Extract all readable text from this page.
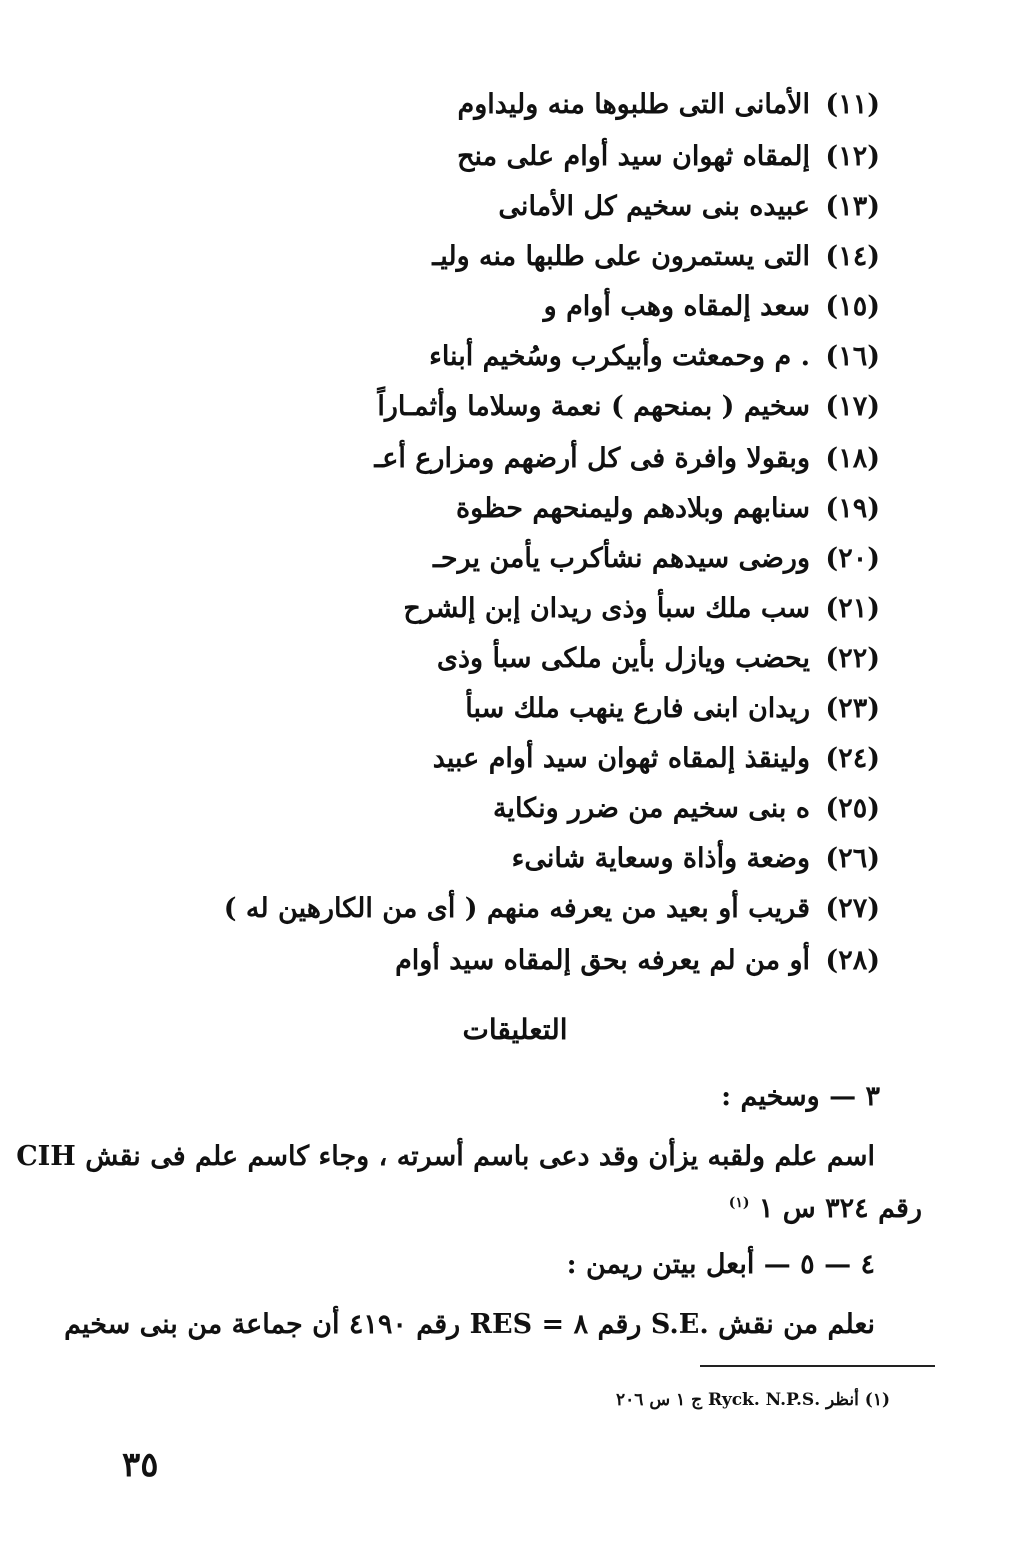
(١١)الأمانى التى طلبوها منه وليداوم
(١٢)إلمقاه ثهوان سيد أوام على منح
(١٣)عبيده بنى سخيم كل الأمانى
(١٤)التى يستمرون على طلبها منه وليـ
(١٥)سعد إلمقاه وهب أوام و
(١٦). م وحمعثت وأبيكرب وسُخيم أبناء
(١٧)سخيم ( بمنحهم ) نعمة وسلاما وأثمـاراً
(١٨)وبقولا وافرة فى كل أرضهم ومزارع أعـ
(١٩)سنابهم وبلادهم وليمنحهم حظوة
(٢٠)ورضى سيدهم نشأكرب يأمن يرحـ
(٢١)سب ملك سبأ وذى ريدان إبن إلشرح
(٢٢)يحضب ويازل بأين ملكى سبأ وذى
(٢٣)ريدان ابنى فارع ينهب ملك سبأ
(٢٤)ولينقذ إلمقاه ثهوان سيد أوام عبيد
(٢٥)ه بنى سخيم من ضرر ونكاية
(٢٦)وضعة وأذاة وسعاية شانىء
(٢٧)قريب أو بعيد من يعرفه منهم ( أى من الكارهين له )
(٢٨)أو من لم يعرفه بحق إلمقاه سيد أوام
التعليقات
٣ — وسخيم :
اسم علم ولقبه يزأن وقد دعى باسم أسرته ، وجاء كاسم علم فى نقش CIH
رقم ٣٢٤ س ١ $^{(١)}$
٤ — ٥ — أبعل بيتن ريمن :
نعلم من نقش .S.E رقم ٨ = RES رقم ٤١٩٠ أن جماعة من بنى سخيم
(١) أنظر .Ryck. N.P.S ج ١ س ٢٠٦
٣٥
